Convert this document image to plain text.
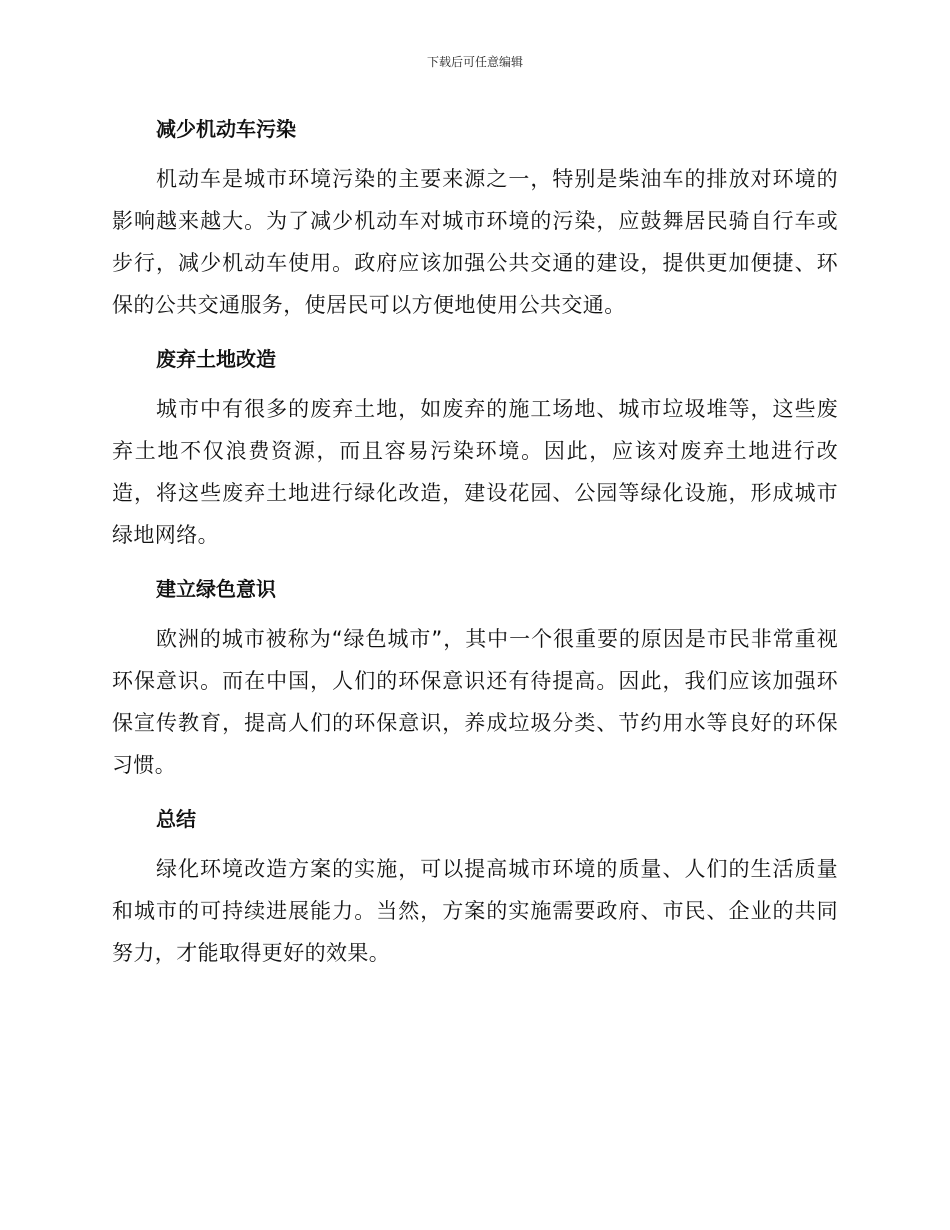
下载后可任意编辑
减少机动车污染

机动车是城市环境污染的主要来源之一，特别是柴油车的排放对环境的影响越来越大。为了减少机动车对城市环境的污染，应鼓舞居民骑自行车或步行，减少机动车使用。政府应该加强公共交通的建设，提供更加便捷、环保的公共交通服务，使居民可以方便地使用公共交通。

废弃土地改造

城市中有很多的废弃土地，如废弃的施工场地、城市垃圾堆等，这些废弃土地不仅浪费资源，而且容易污染环境。因此，应该对废弃土地进行改造，将这些废弃土地进行绿化改造，建设花园、公园等绿化设施，形成城市绿地网络。

建立绿色意识

欧洲的城市被称为“绿色城市”，其中一个很重要的原因是市民非常重视环保意识。而在中国，人们的环保意识还有待提高。因此，我们应该加强环保宣传教育，提高人们的环保意识，养成垃圾分类、节约用水等良好的环保习惯。

总结

绿化环境改造方案的实施，可以提高城市环境的质量、人们的生活质量和城市的可持续进展能力。当然，方案的实施需要政府、市民、企业的共同努力，才能取得更好的效果。
